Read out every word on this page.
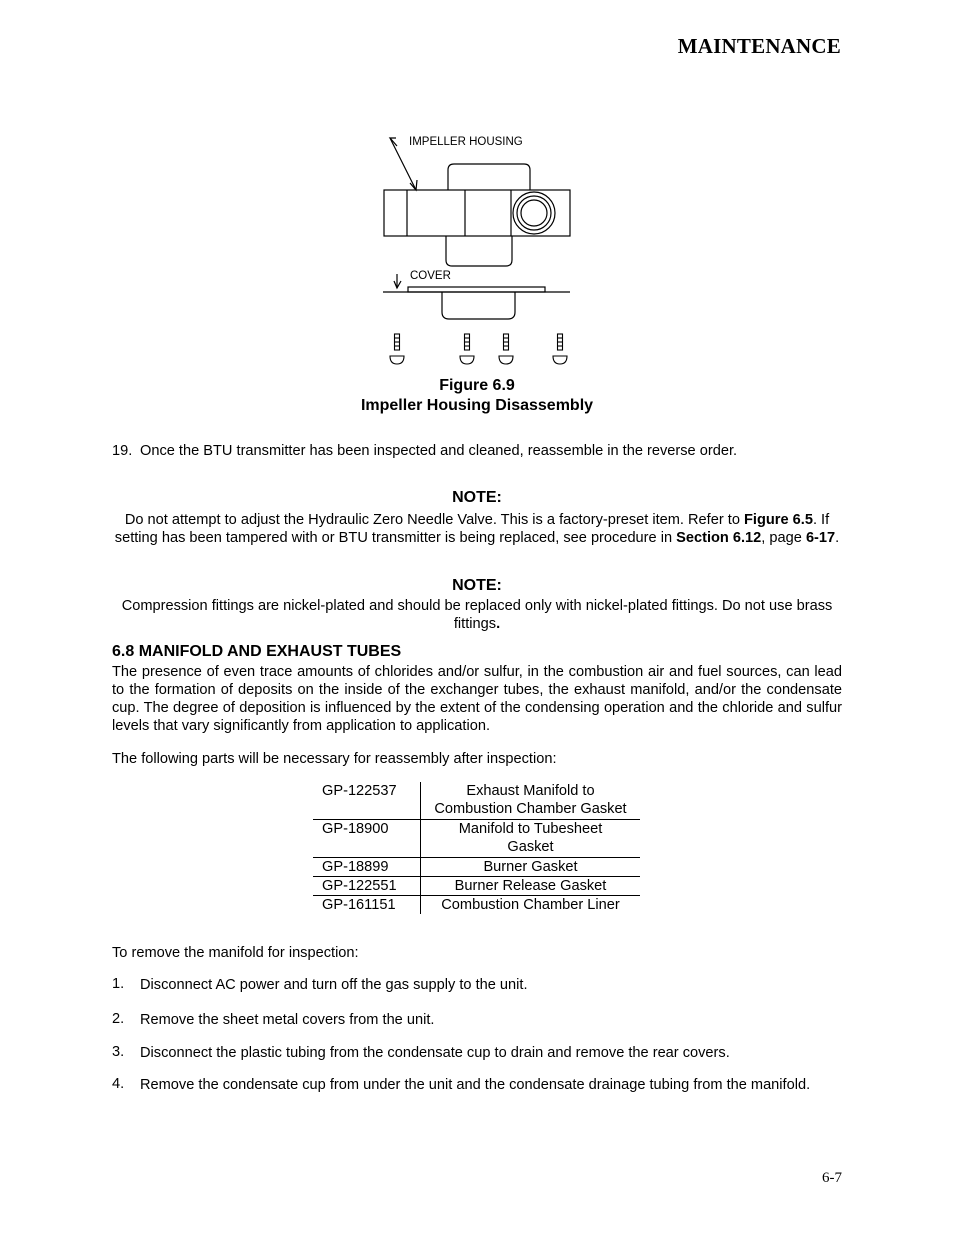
MAINTENANCE
IMPELLER HOUSING
COVER
Figure 6.9
Impeller Housing Disassembly
19. Once the BTU transmitter has been inspected and cleaned, reassemble in the reverse order.
NOTE:
Do not attempt to adjust the Hydraulic Zero Needle Valve. This is a factory-preset item. Refer to Figure 6.5. If setting has been tampered with or BTU transmitter is being replaced, see procedure in Section 6.12, page 6-17.
NOTE:
Compression fittings are nickel-plated and should be replaced only with nickel-plated fittings. Do not use brass fittings.
6.8 MANIFOLD AND EXHAUST TUBES
The presence of even trace amounts of chlorides and/or sulfur, in the combustion air and fuel sources, can lead to the formation of deposits on the inside of the exchanger tubes, the exhaust manifold, and/or the condensate cup. The degree of deposition is influenced by the extent of the condensing operation and the chloride and sulfur levels that vary significantly from application to application.
The following parts will be necessary for reassembly after inspection:
GP-122537	Exhaust Manifold to Combustion Chamber Gasket
GP-18900	Manifold to Tubesheet Gasket
GP-18899	Burner Gasket
GP-122551	Burner Release Gasket
GP-161151	Combustion Chamber Liner
To remove the manifold for inspection:
1. Disconnect AC power and turn off the gas supply to the unit.
2. Remove the sheet metal covers from the unit.
3. Disconnect the plastic tubing from the condensate cup to drain and remove the rear covers.
4. Remove the condensate cup from under the unit and the condensate drainage tubing from the manifold.
6-7
